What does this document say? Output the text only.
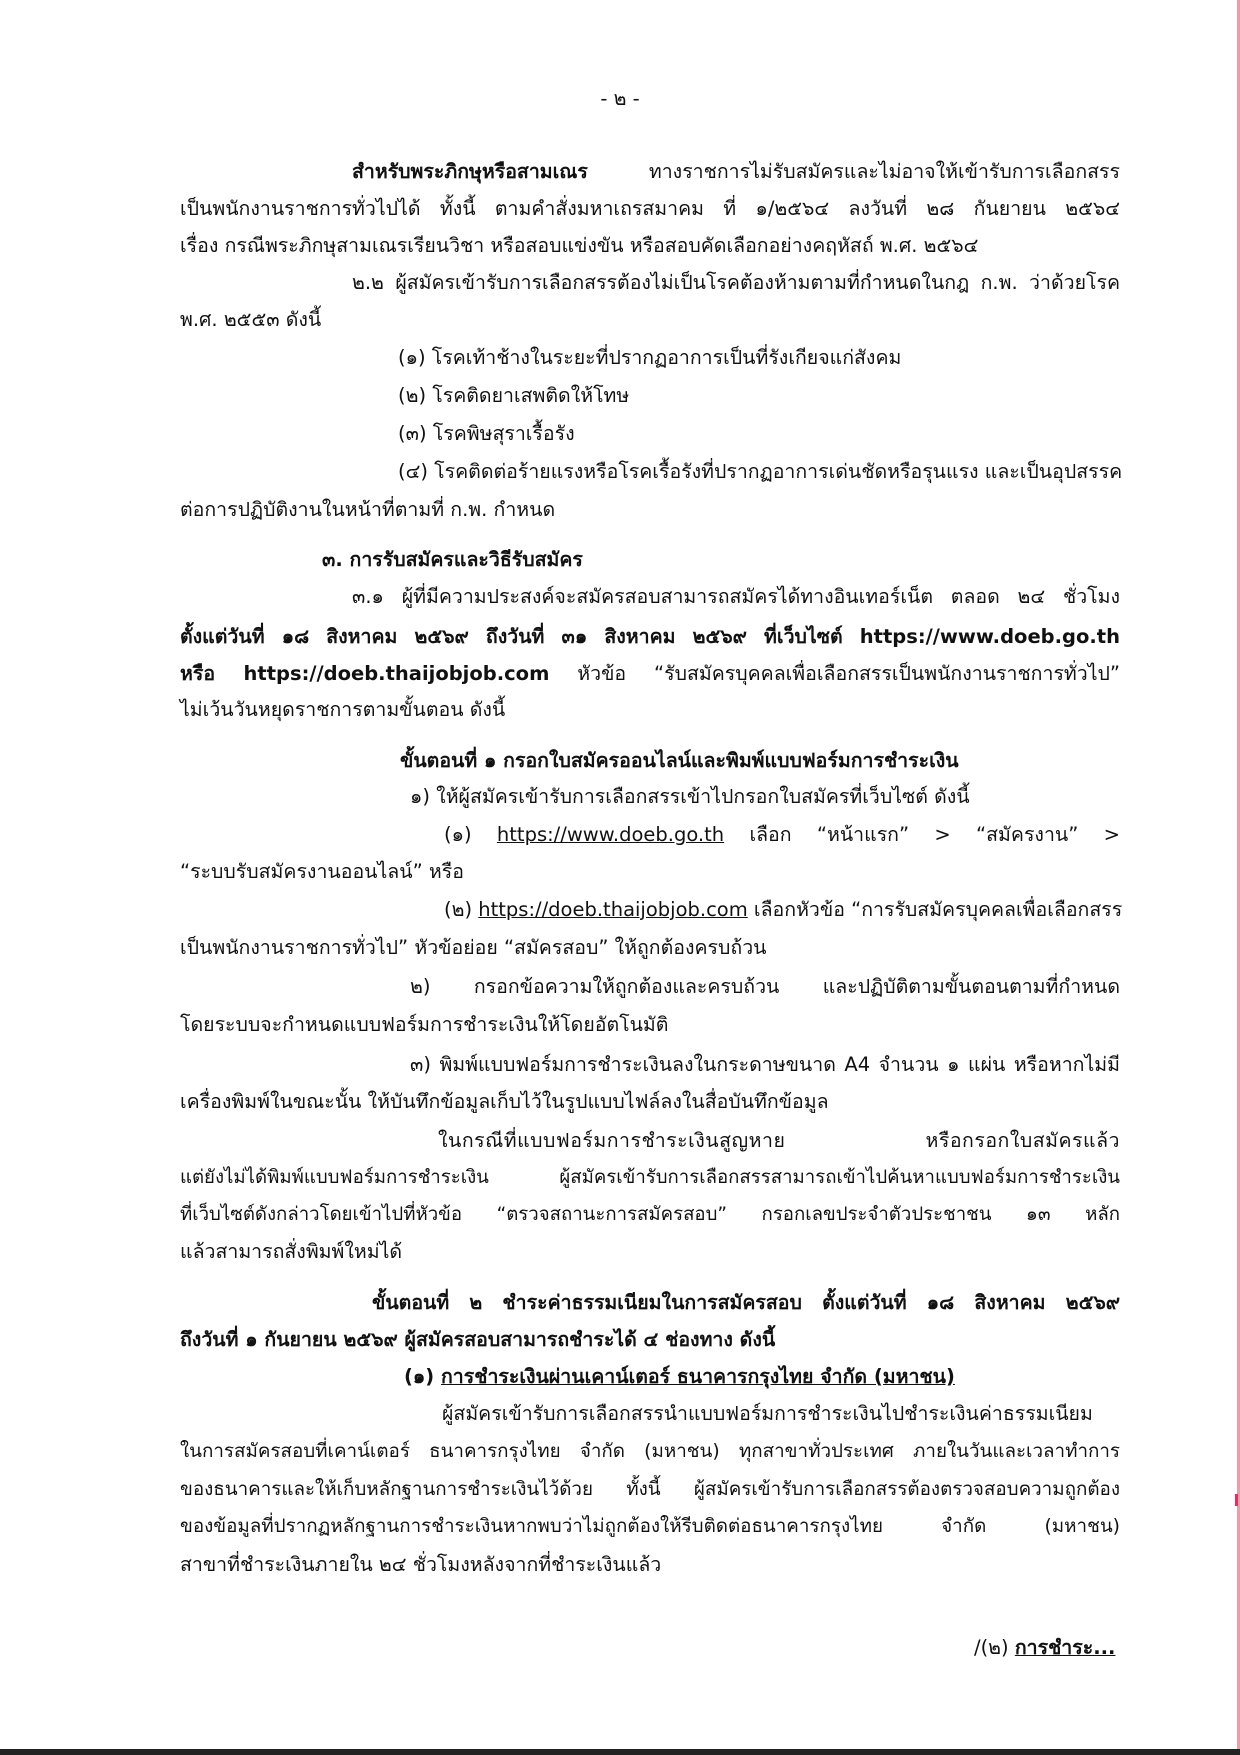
- ๒ -
สำหรับพระภิกษุหรือสามเณร ทางราชการไม่รับสมัครและไม่อาจให้เข้ารับการเลือกสรร
เป็นพนักงานราชการทั่วไปได้ ทั้งนี้ ตามคำสั่งมหาเถรสมาคม ที่ ๑/๒๕๖๔ ลงวันที่ ๒๘ กันยายน ๒๕๖๔
เรื่อง กรณีพระภิกษุสามเณรเรียนวิชา หรือสอบแข่งขัน หรือสอบคัดเลือกอย่างคฤหัสถ์ พ.ศ. ๒๕๖๔
๒.๒ ผู้สมัครเข้ารับการเลือกสรรต้องไม่เป็นโรคต้องห้ามตามที่กำหนดในกฎ ก.พ. ว่าด้วยโรค
พ.ศ. ๒๕๕๓ ดังนี้
(๑) โรคเท้าช้างในระยะที่ปรากฏอาการเป็นที่รังเกียจแก่สังคม
(๒) โรคติดยาเสพติดให้โทษ
(๓) โรคพิษสุราเรื้อรัง
(๔) โรคติดต่อร้ายแรงหรือโรคเรื้อรังที่ปรากฏอาการเด่นชัดหรือรุนแรง และเป็นอุปสรรค
ต่อการปฏิบัติงานในหน้าที่ตามที่ ก.พ. กำหนด
๓. การรับสมัครและวิธีรับสมัคร
๓.๑ ผู้ที่มีความประสงค์จะสมัครสอบสามารถสมัครได้ทางอินเทอร์เน็ต ตลอด ๒๔ ชั่วโมง
ตั้งแต่วันที่ ๑๘ สิงหาคม ๒๕๖๙ ถึงวันที่ ๓๑ สิงหาคม ๒๕๖๙ ที่เว็บไซต์ https://www.doeb.go.th
หรือ https://doeb.thaijobjob.com หัวข้อ “รับสมัครบุคคลเพื่อเลือกสรรเป็นพนักงานราชการทั่วไป”
ไม่เว้นวันหยุดราชการตามขั้นตอน ดังนี้
ขั้นตอนที่ ๑ กรอกใบสมัครออนไลน์และพิมพ์แบบฟอร์มการชำระเงิน
๑) ให้ผู้สมัครเข้ารับการเลือกสรรเข้าไปกรอกใบสมัครที่เว็บไซต์ ดังนี้
(๑) https://www.doeb.go.th เลือก “หน้าแรก” > “สมัครงาน” >
“ระบบรับสมัครงานออนไลน์” หรือ
(๒) https://doeb.thaijobjob.com เลือกหัวข้อ “การรับสมัครบุคคลเพื่อเลือกสรร
เป็นพนักงานราชการทั่วไป” หัวข้อย่อย “สมัครสอบ” ให้ถูกต้องครบถ้วน
๒) กรอกข้อความให้ถูกต้องและครบถ้วน และปฏิบัติตามขั้นตอนตามที่กำหนด
โดยระบบจะกำหนดแบบฟอร์มการชำระเงินให้โดยอัตโนมัติ
๓) พิมพ์แบบฟอร์มการชำระเงินลงในกระดาษขนาด A4 จำนวน ๑ แผ่น หรือหากไม่มี
เครื่องพิมพ์ในขณะนั้น ให้บันทึกข้อมูลเก็บไว้ในรูปแบบไฟล์ลงในสื่อบันทึกข้อมูล
ในกรณีที่แบบฟอร์มการชำระเงินสูญหาย หรือกรอกใบสมัครแล้ว
แต่ยังไม่ได้พิมพ์แบบฟอร์มการชำระเงิน ผู้สมัครเข้ารับการเลือกสรรสามารถเข้าไปค้นหาแบบฟอร์มการชำระเงิน
ที่เว็บไซต์ดังกล่าวโดยเข้าไปที่หัวข้อ “ตรวจสถานะการสมัครสอบ” กรอกเลขประจำตัวประชาชน ๑๓ หลัก
แล้วสามารถสั่งพิมพ์ใหม่ได้
ขั้นตอนที่ ๒ ชำระค่าธรรมเนียมในการสมัครสอบ ตั้งแต่วันที่ ๑๘ สิงหาคม ๒๕๖๙
ถึงวันที่ ๑ กันยายน ๒๕๖๙ ผู้สมัครสอบสามารถชำระได้ ๔ ช่องทาง ดังนี้
(๑) การชำระเงินผ่านเคาน์เตอร์ ธนาคารกรุงไทย จำกัด (มหาชน)
ผู้สมัครเข้ารับการเลือกสรรนำแบบฟอร์มการชำระเงินไปชำระเงินค่าธรรมเนียม
ในการสมัครสอบที่เคาน์เตอร์ ธนาคารกรุงไทย จำกัด (มหาชน) ทุกสาขาทั่วประเทศ ภายในวันและเวลาทำการ
ของธนาคารและให้เก็บหลักฐานการชำระเงินไว้ด้วย ทั้งนี้ ผู้สมัครเข้ารับการเลือกสรรต้องตรวจสอบความถูกต้อง
ของข้อมูลที่ปรากฏหลักฐานการชำระเงินหากพบว่าไม่ถูกต้องให้รีบติดต่อธนาคารกรุงไทย จำกัด (มหาชน)
สาขาที่ชำระเงินภายใน ๒๔ ชั่วโมงหลังจากที่ชำระเงินแล้ว
/(๒) การชำระ...
